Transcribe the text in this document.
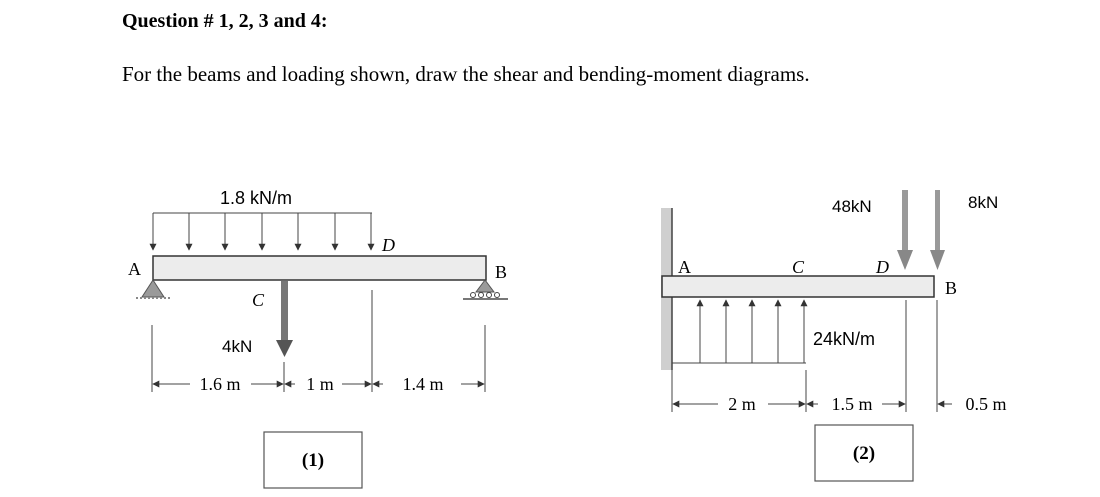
Question # 1, 2, 3 and 4:
For the beams and loading shown, draw the shear and bending-moment diagrams.
1.8 kN/m
A	B
C
D
4kN
1.6 m	1 m	1.4 m
(1)
A	C	D
B
48kN	8kN
24kN/m
2 m	1.5 m	0.5 m
(2)
